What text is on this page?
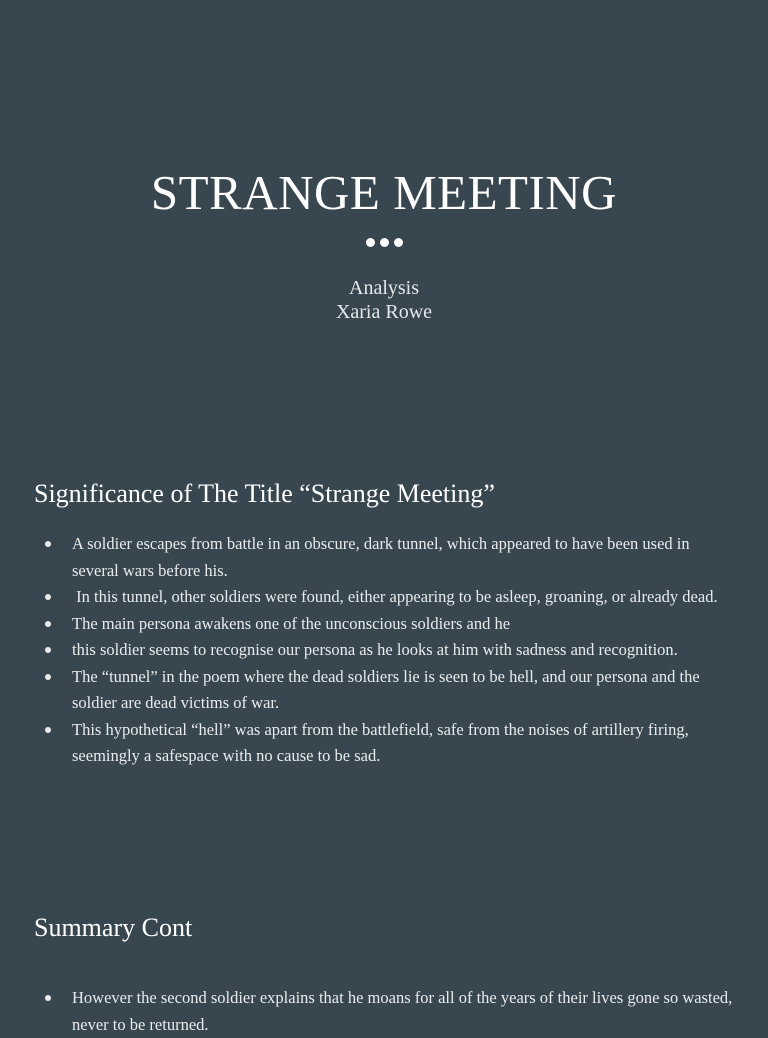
STRANGE MEETING
Analysis
Xaria Rowe
Significance of The Title “Strange Meeting”
A soldier escapes from battle in an obscure, dark tunnel, which appeared to have been used in several wars before his.
In this tunnel, other soldiers were found, either appearing to be asleep, groaning, or already dead.
The main persona awakens one of the unconscious soldiers and he
this soldier seems to recognise our persona as he looks at him with sadness and recognition.
The “tunnel” in the poem where the dead soldiers lie is seen to be hell, and our persona and the soldier are dead victims of war.
This hypothetical “hell” was apart from the battlefield, safe from the noises of artillery firing, seemingly a safespace with no cause to be sad.
Summary Cont
However the second soldier explains that he moans for all of the years of their lives gone so wasted, never to be returned.
